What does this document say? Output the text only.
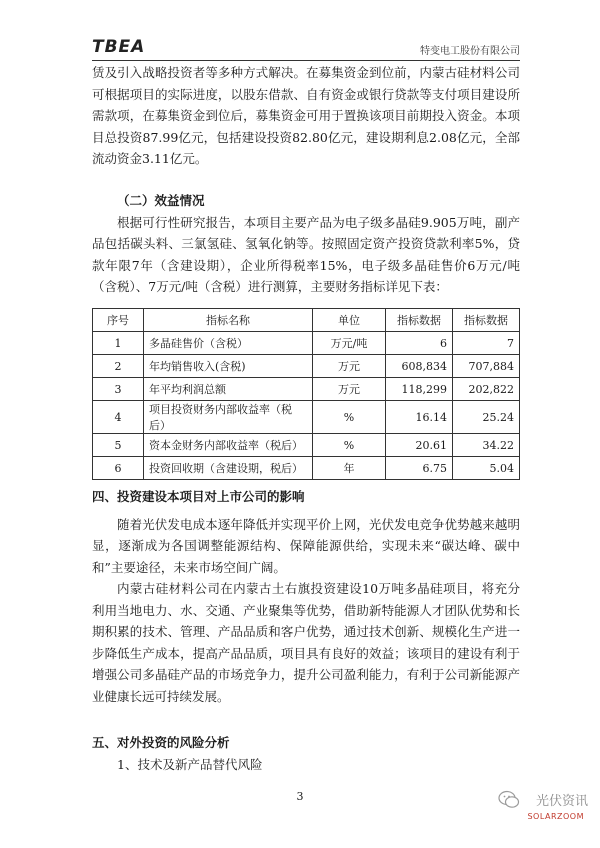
TBEA	特变电工股份有限公司

赁及引入战略投资者等多种方式解决。在募集资金到位前，内蒙古硅材料公司可根据项目的实际进度，以股东借款、自有资金或银行贷款等支付项目建设所需款项，在募集资金到位后，募集资金可用于置换该项目前期投入资金。本项目总投资87.99亿元，包括建设投资82.80亿元，建设期利息2.08亿元，全部流动资金3.11亿元。

（二）效益情况

根据可行性研究报告，本项目主要产品为电子级多晶硅9.905万吨，副产品包括碳头料、三氯氢硅、氢氧化钠等。按照固定资产投资贷款利率5%，贷款年限7年（含建设期），企业所得税率15%，电子级多晶硅售价6万元/吨（含税）、7万元/吨（含税）进行测算，主要财务指标详见下表：

序号	指标名称	单位	指标数据	指标数据
1	多晶硅售价（含税）	万元/吨	6	7
2	年均销售收入(含税)	万元	608,834	707,884
3	年平均利润总额	万元	118,299	202,822
4	项目投资财务内部收益率（税后）	%	16.14	25.24
5	资本金财务内部收益率（税后）	%	20.61	34.22
6	投资回收期（含建设期，税后）	年	6.75	5.04

四、投资建设本项目对上市公司的影响

随着光伏发电成本逐年降低并实现平价上网，光伏发电竞争优势越来越明显，逐渐成为各国调整能源结构、保障能源供给，实现未来“碳达峰、碳中和”主要途径，未来市场空间广阔。

内蒙古硅材料公司在内蒙古土右旗投资建设10万吨多晶硅项目，将充分利用当地电力、水、交通、产业聚集等优势，借助新特能源人才团队优势和长期积累的技术、管理、产品品质和客户优势，通过技术创新、规模化生产进一步降低生产成本，提高产品品质，项目具有良好的效益；该项目的建设有利于增强公司多晶硅产品的市场竞争力，提升公司盈利能力，有利于公司新能源产业健康长远可持续发展。

五、对外投资的风险分析

1、技术及新产品替代风险

3	光伏资讯
SOLARZOOM
